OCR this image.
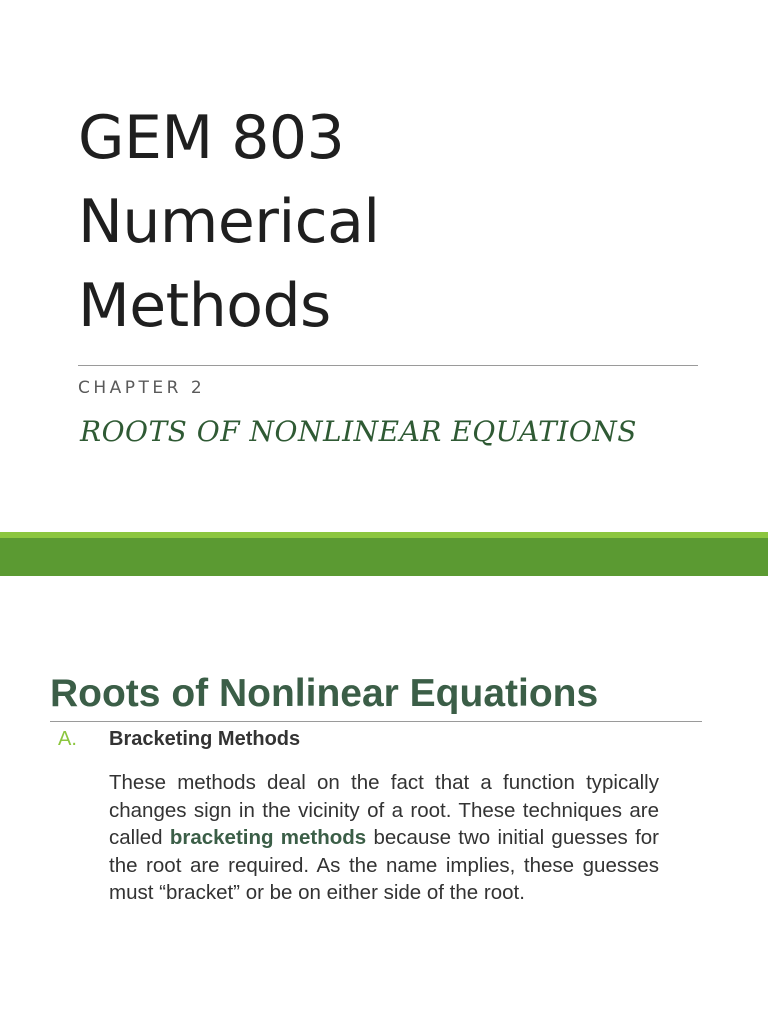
GEM 803
Numerical
Methods
CHAPTER 2
ROOTS OF NONLINEAR EQUATIONS
Roots of Nonlinear Equations
A. Bracketing Methods

These methods deal on the fact that a function typically changes sign in the vicinity of a root. These techniques are called bracketing methods because two initial guesses for the root are required. As the name implies, these guesses must “bracket” or be on either side of the root.
